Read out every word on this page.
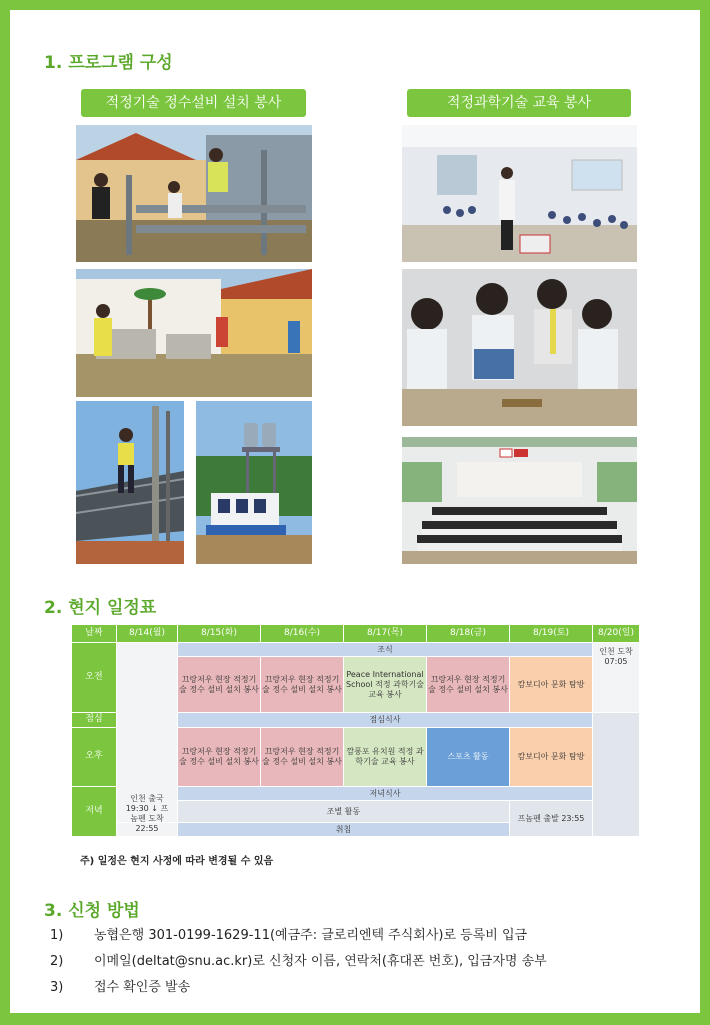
1. 프로그램 구성
적정기술 정수설비 설치 봉사	적정과학기술 교육 봉사
2. 현지 일정표
날짜	8/14(월)	8/15(화)	8/16(수)	8/17(목)	8/18(금)	8/19(토)	8/20(일)
오전		조식					인천 도착 07:05
		끄랑저우 현장 적정기술 정수 설비 설치 봉사	끄랑저우 현장 적정기술 정수 설비 설치 봉사	Peace International School 적정 과학기술 교육 봉사	끄랑저우 현장 적정기술 정수 설비 설치 봉사	캄보디아 문화 탐방	
점심		점심식사					
오후		끄랑저우 현장 적정기술 정수 설비 설치 봉사	끄랑저우 현장 적정기술 정수 설비 설치 봉사	깜퐁포 유치원 적정 과학기술 교육 봉사	스포츠 활동	캄보디아 문화 탐방	
저녁		저녁식사					
		조별 활동				프놈펜 출발 23:55	

	인천 출국 19:30 ↓ 프놈펜 도착 22:55	취침					

주) 일정은 현지 사정에 따라 변경될 수 있음

3. 신청 방법
1) 농협은행 301-0199-1629-11(예금주: 글로리엔텍 주식회사)로 등록비 입금
2) 이메일(deltat@snu.ac.kr)로 신청자 이름, 연락처(휴대폰 번호), 입금자명 송부
3) 접수 확인증 발송
